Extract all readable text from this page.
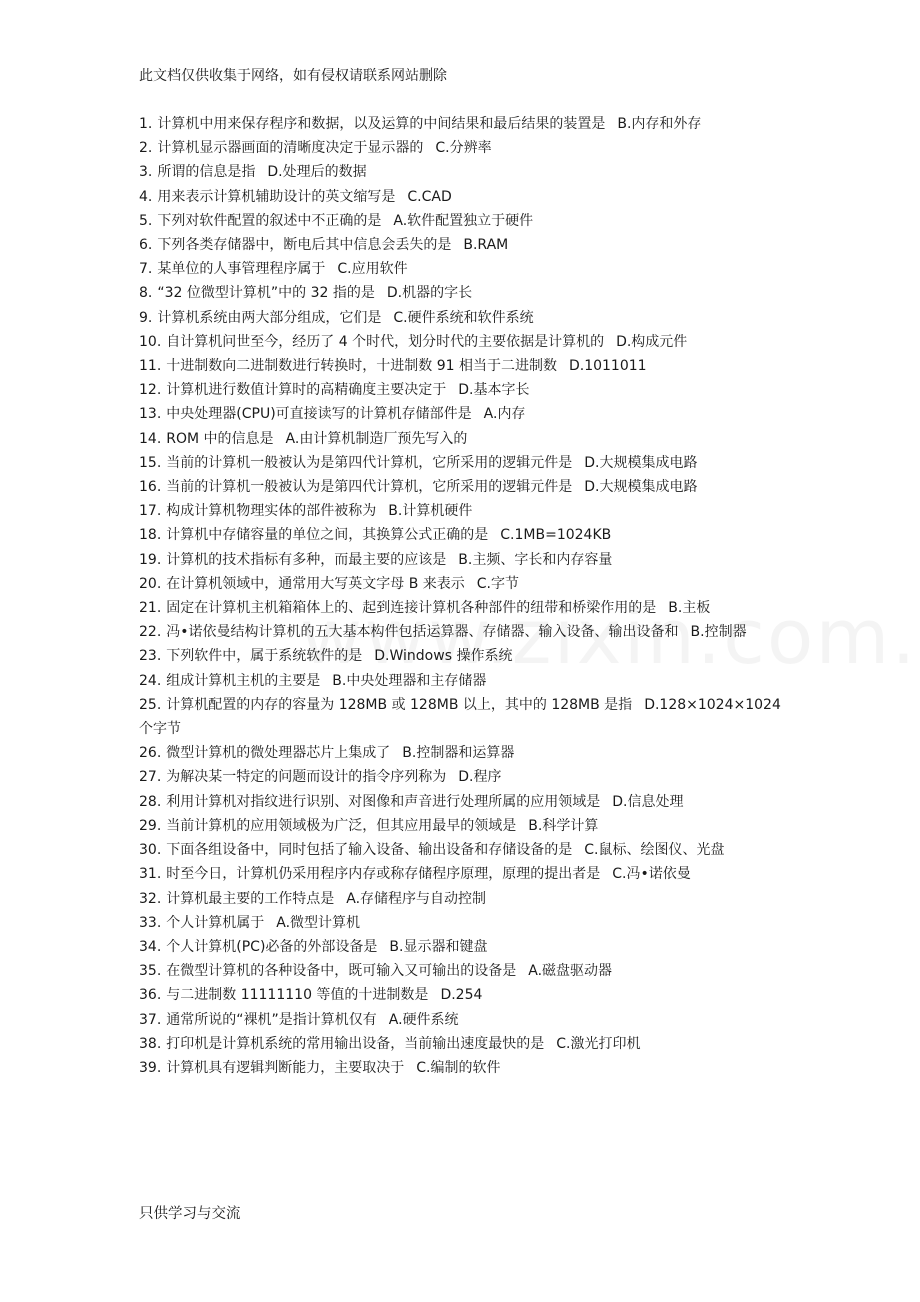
此文档仅供收集于网络，如有侵权请联系网站删除
1. 计算机中用来保存程序和数据，以及运算的中间结果和最后结果的装置是 B.内存和外存
2. 计算机显示器画面的清晰度决定于显示器的 C.分辨率
3. 所谓的信息是指 D.处理后的数据
4. 用来表示计算机辅助设计的英文缩写是 C.CAD
5. 下列对软件配置的叙述中不正确的是 A.软件配置独立于硬件
6. 下列各类存储器中，断电后其中信息会丢失的是 B.RAM
7. 某单位的人事管理程序属于 C.应用软件
8. “32 位微型计算机”中的 32 指的是 D.机器的字长
9. 计算机系统由两大部分组成，它们是 C.硬件系统和软件系统
10. 自计算机问世至今，经历了 4 个时代，划分时代的主要依据是计算机的 D.构成元件
11. 十进制数向二进制数进行转换时，十进制数 91 相当于二进制数 D.1011011
12. 计算机进行数值计算时的高精确度主要决定于 D.基本字长
13. 中央处理器(CPU)可直接读写的计算机存储部件是 A.内存
14. ROM 中的信息是 A.由计算机制造厂预先写入的
15. 当前的计算机一般被认为是第四代计算机，它所采用的逻辑元件是 D.大规模集成电路
16. 当前的计算机一般被认为是第四代计算机，它所采用的逻辑元件是 D.大规模集成电路
17. 构成计算机物理实体的部件被称为 B.计算机硬件
18. 计算机中存储容量的单位之间，其换算公式正确的是 C.1MB=1024KB
19. 计算机的技术指标有多种，而最主要的应该是 B.主频、字长和内存容量
20. 在计算机领域中，通常用大写英文字母 B 来表示 C.字节
21. 固定在计算机主机箱箱体上的、起到连接计算机各种部件的纽带和桥梁作用的是 B.主板
22. 冯•诺依曼结构计算机的五大基本构件包括运算器、存储器、输入设备、输出设备和 B.控制器
23. 下列软件中，属于系统软件的是 D.Windows 操作系统
24. 组成计算机主机的主要是 B.中央处理器和主存储器
25. 计算机配置的内存的容量为 128MB 或 128MB 以上，其中的 128MB 是指 D.128×1024×1024 个字节
26. 微型计算机的微处理器芯片上集成了 B.控制器和运算器
27. 为解决某一特定的问题而设计的指令序列称为 D.程序
28. 利用计算机对指纹进行识别、对图像和声音进行处理所属的应用领域是 D.信息处理
29. 当前计算机的应用领域极为广泛，但其应用最早的领域是 B.科学计算
30. 下面各组设备中，同时包括了输入设备、输出设备和存储设备的是 C.鼠标、绘图仪、光盘
31. 时至今日，计算机仍采用程序内存或称存储程序原理，原理的提出者是 C.冯•诺依曼
32. 计算机最主要的工作特点是 A.存储程序与自动控制
33. 个人计算机属于 A.微型计算机
34. 个人计算机(PC)必备的外部设备是 B.显示器和键盘
35. 在微型计算机的各种设备中，既可输入又可输出的设备是 A.磁盘驱动器
36. 与二进制数 11111110 等值的十进制数是 D.254
37. 通常所说的“裸机”是指计算机仅有 A.硬件系统
38. 打印机是计算机系统的常用输出设备，当前输出速度最快的是 C.激光打印机
39. 计算机具有逻辑判断能力，主要取决于 C.编制的软件
只供学习与交流
